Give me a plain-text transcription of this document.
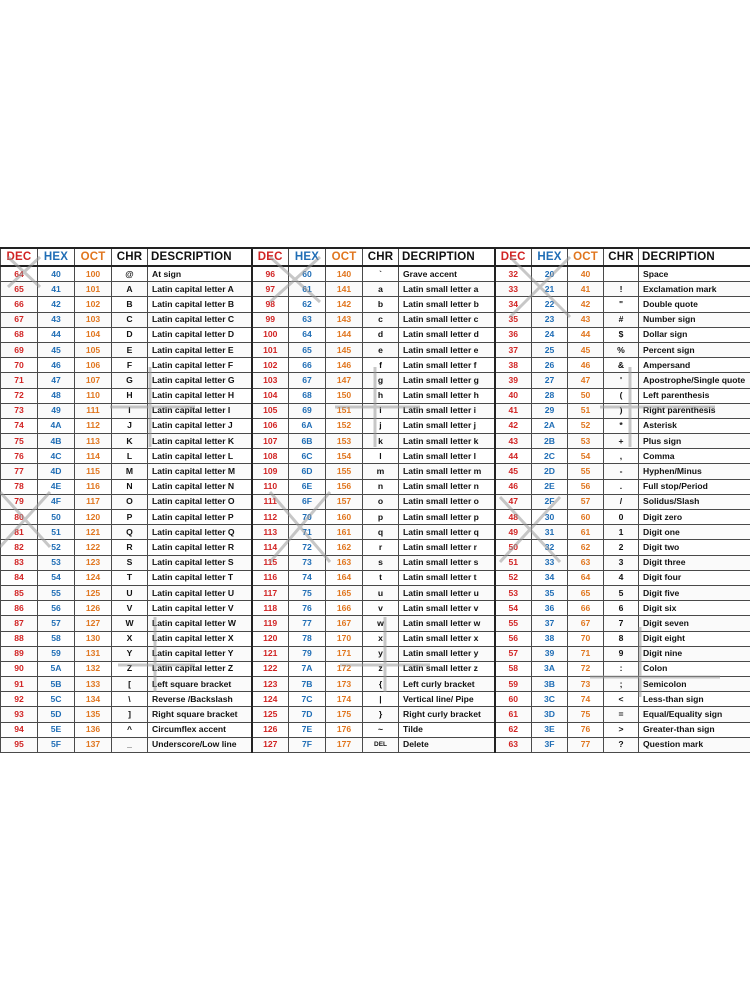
DEC	HEX	OCT	CHR	DESCRIPTION	DEC	HEX	OCT	CHR	DECRIPTION	DEC	HEX	OCT	CHR	DECRIPTION
64	40	100	@	At sign	96	60	140	`	Grave accent	32	20	40		Space
65	41	101	A	Latin capital letter A	97	61	141	a	Latin small letter a	33	21	41	!	Exclamation mark
66	42	102	B	Latin capital letter B	98	62	142	b	Latin small letter b	34	22	42	"	Double quote
67	43	103	C	Latin capital letter C	99	63	143	c	Latin small letter c	35	23	43	#	Number sign
68	44	104	D	Latin capital letter D	100	64	144	d	Latin small letter d	36	24	44	$	Dollar sign
69	45	105	E	Latin capital letter E	101	65	145	e	Latin small letter e	37	25	45	%	Percent sign
70	46	106	F	Latin capital letter F	102	66	146	f	Latin small letter f	38	26	46	&	Ampersand
71	47	107	G	Latin capital letter G	103	67	147	g	Latin small letter g	39	27	47	'	Apostrophe/Single quote
72	48	110	H	Latin capital letter H	104	68	150	h	Latin small letter h	40	28	50	(	Left parenthesis
73	49	111	I	Latin capital letter I	105	69	151	i	Latin small letter i	41	29	51	)	Right parenthesis
74	4A	112	J	Latin capital letter J	106	6A	152	j	Latin small letter j	42	2A	52	*	Asterisk
75	4B	113	K	Latin capital letter K	107	6B	153	k	Latin small letter k	43	2B	53	+	Plus sign
76	4C	114	L	Latin capital letter L	108	6C	154	l	Latin small letter l	44	2C	54	,	Comma
77	4D	115	M	Latin capital letter M	109	6D	155	m	Latin small letter m	45	2D	55	-	Hyphen/Minus
78	4E	116	N	Latin capital letter N	110	6E	156	n	Latin small letter n	46	2E	56	.	Full stop/Period
79	4F	117	O	Latin capital letter O	111	6F	157	o	Latin small letter o	47	2F	57	/	Solidus/Slash
80	50	120	P	Latin capital letter P	112	70	160	p	Latin small letter p	48	30	60	0	Digit zero
81	51	121	Q	Latin capital letter Q	113	71	161	q	Latin small letter q	49	31	61	1	Digit one
82	52	122	R	Latin capital letter R	114	72	162	r	Latin small letter r	50	32	62	2	Digit two
83	53	123	S	Latin capital letter S	115	73	163	s	Latin small letter s	51	33	63	3	Digit three
84	54	124	T	Latin capital letter T	116	74	164	t	Latin small letter t	52	34	64	4	Digit four
85	55	125	U	Latin capital letter U	117	75	165	u	Latin small letter u	53	35	65	5	Digit five
86	56	126	V	Latin capital letter V	118	76	166	v	Latin small letter v	54	36	66	6	Digit six
87	57	127	W	Latin capital letter W	119	77	167	w	Latin small letter w	55	37	67	7	Digit seven
88	58	130	X	Latin capital letter X	120	78	170	x	Latin small letter x	56	38	70	8	Digit eight
89	59	131	Y	Latin capital letter Y	121	79	171	y	Latin small letter y	57	39	71	9	Digit nine
90	5A	132	Z	Latin capital letter Z	122	7A	172	z	Latin small letter z	58	3A	72	:	Colon
91	5B	133	[	Left square bracket	123	7B	173	{	Left curly bracket	59	3B	73	;	Semicolon
92	5C	134	\	Reverse /Backslash	124	7C	174	|	Vertical line/ Pipe	60	3C	74	<	Less-than sign
93	5D	135	]	Right square bracket	125	7D	175	}	Right curly bracket	61	3D	75	=	Equal/Equality sign
94	5E	136	^	Circumflex accent	126	7E	176	~	Tilde	62	3E	76	>	Greater-than sign
95	5F	137	_	Underscore/Low line	127	7F	177	DEL	Delete	63	3F	77	?	Question mark
